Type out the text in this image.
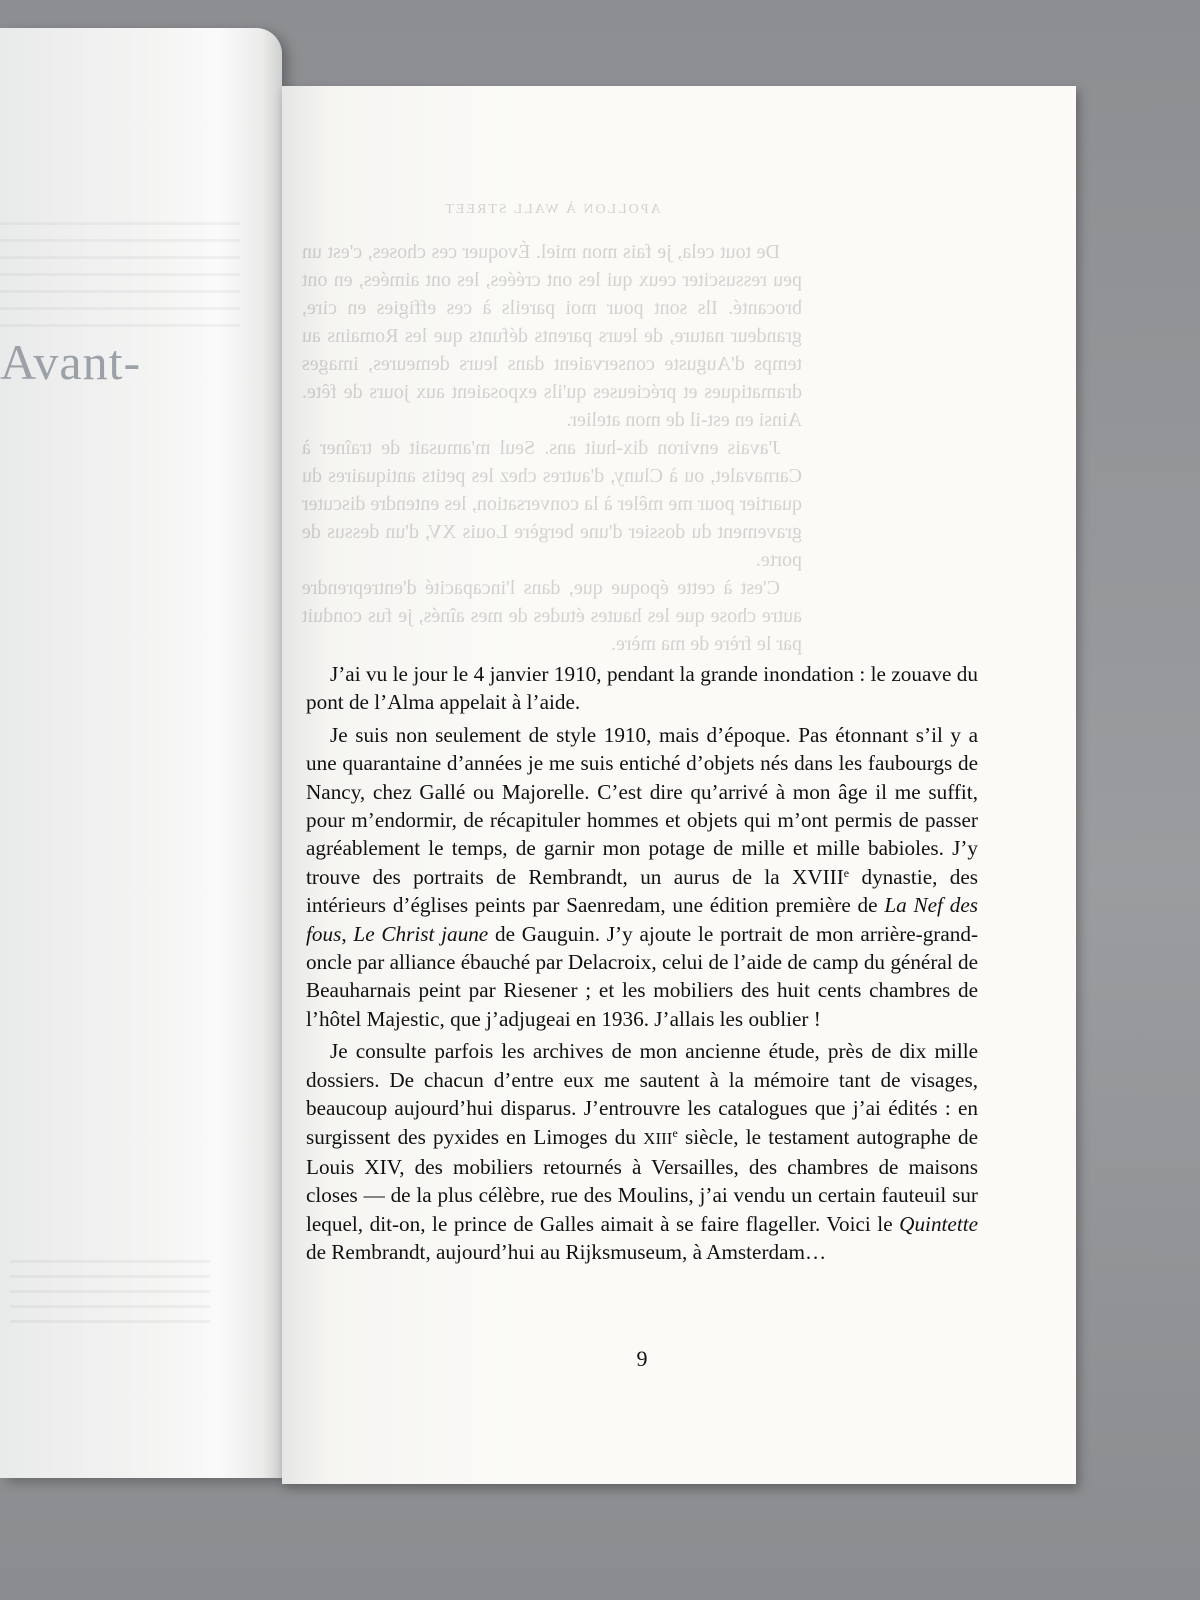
Avant-
APOLLON À WALL STREET

De tout cela, je fais mon miel. Évoquer ces choses, c'est un peu ressusciter ceux qui les ont créées, les ont aimées, en ont brocanté. Ils sont pour moi pareils à ces effigies en cire, grandeur nature, de leurs parents défunts que les Romains au temps d'Auguste conservaient dans leurs demeures, images dramatiques et précieuses qu'ils exposaient aux jours de fête. Ainsi en est-il de mon atelier.

J'avais environ dix-huit ans. Seul m'amusait de traîner à Carnavalet, ou à Cluny, d'autres chez les petits antiquaires du quartier pour me mêler à la conversation, les entendre discuter gravement du dossier d'une bergère Louis XV, d'un dessus de porte.

C'est à cette époque que, dans l'incapacité d'entreprendre autre chose que les hautes études de mes aînés, je fus conduit par le frère de ma mère.

J’ai vu le jour le 4 janvier 1910, pendant la grande inondation : le zouave du pont de l’Alma appelait à l’aide.

Je suis non seulement de style 1910, mais d’époque. Pas étonnant s’il y a une quarantaine d’années je me suis entiché d’objets nés dans les faubourgs de Nancy, chez Gallé ou Majorelle. C’est dire qu’arrivé à mon âge il me suffit, pour m’endormir, de récapituler hommes et objets qui m’ont permis de passer agréablement le temps, de garnir mon potage de mille et mille babioles. J’y trouve des portraits de Rembrandt, un aurus de la XVIIIe dynastie, des intérieurs d’églises peints par Saenredam, une édition première de La Nef des fous, Le Christ jaune de Gauguin. J’y ajoute le portrait de mon arrière-grand-oncle par alliance ébauché par Delacroix, celui de l’aide de camp du général de Beauharnais peint par Riesener ; et les mobiliers des huit cents chambres de l’hôtel Majestic, que j’adjugeai en 1936. J’allais les oublier !

Je consulte parfois les archives de mon ancienne étude, près de dix mille dossiers. De chacun d’entre eux me sautent à la mémoire tant de visages, beaucoup aujourd’hui disparus. J’entrouvre les catalogues que j’ai édités : en surgissent des pyxides en Limoges du XIIIe siècle, le testament autographe de Louis XIV, des mobiliers retournés à Versailles, des chambres de maisons closes — de la plus célèbre, rue des Moulins, j’ai vendu un certain fauteuil sur lequel, dit-on, le prince de Galles aimait à se faire flageller. Voici le Quintette de Rembrandt, aujourd’hui au Rijksmuseum, à Amsterdam…

9
